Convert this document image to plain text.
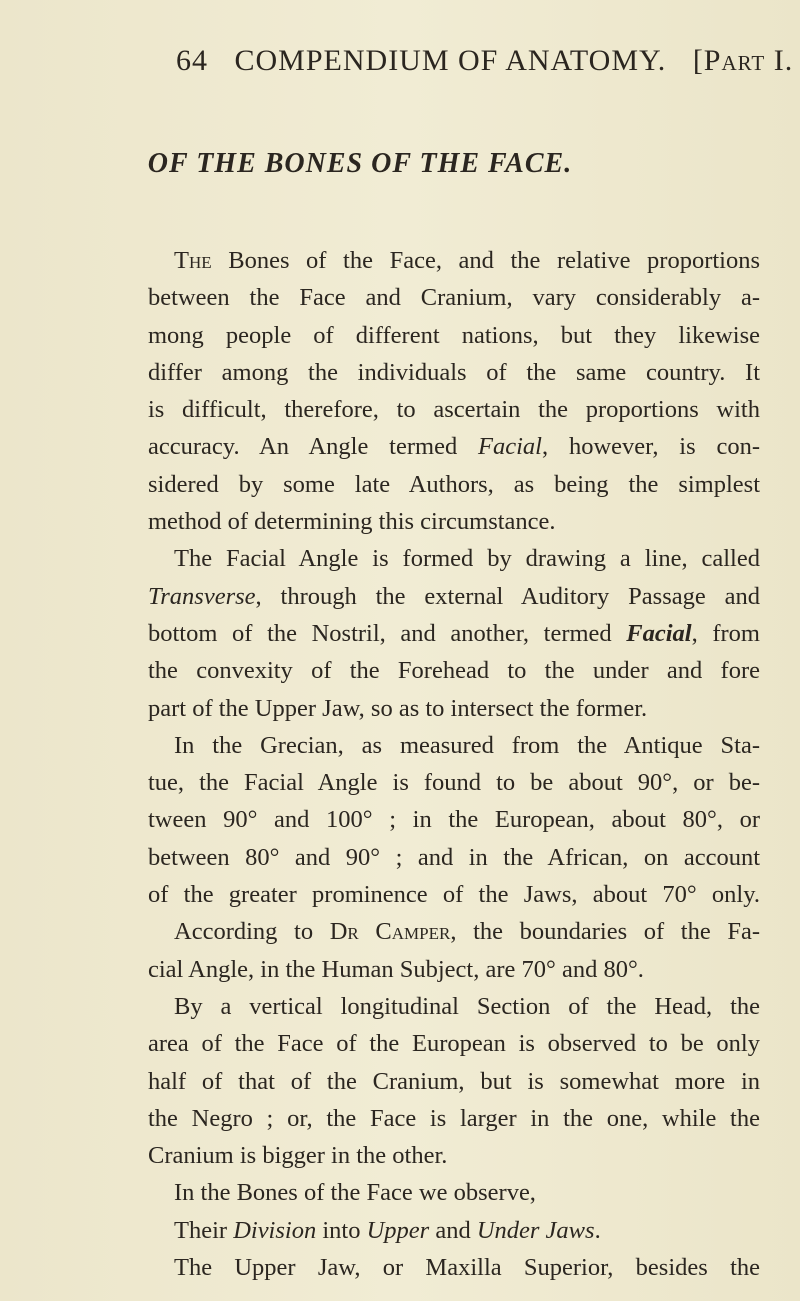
64 COMPENDIUM OF ANATOMY. [Part I.
OF THE BONES OF THE FACE.
The Bones of the Face, and the relative proportions
between the Face and Cranium, vary considerably a-
mong people of different nations, but they likewise
differ among the individuals of the same country. It
is difficult, therefore, to ascertain the proportions with
accuracy. An Angle termed Facial, however, is con-
sidered by some late Authors, as being the simplest
method of determining this circumstance.
The Facial Angle is formed by drawing a line, called
Transverse, through the external Auditory Passage and
bottom of the Nostril, and another, termed Facial, from
the convexity of the Forehead to the under and fore
part of the Upper Jaw, so as to intersect the former.
In the Grecian, as measured from the Antique Sta-
tue, the Facial Angle is found to be about 90°, or be-
tween 90° and 100° ; in the European, about 80°, or
between 80° and 90° ; and in the African, on account
of the greater prominence of the Jaws, about 70° only.
According to Dr Camper, the boundaries of the Fa-
cial Angle, in the Human Subject, are 70° and 80°.
By a vertical longitudinal Section of the Head, the
area of the Face of the European is observed to be only
half of that of the Cranium, but is somewhat more in
the Negro ; or, the Face is larger in the one, while the
Cranium is bigger in the other.
In the Bones of the Face we observe,
Their Division into Upper and Under Jaws.
The Upper Jaw, or Maxilla Superior, besides the
